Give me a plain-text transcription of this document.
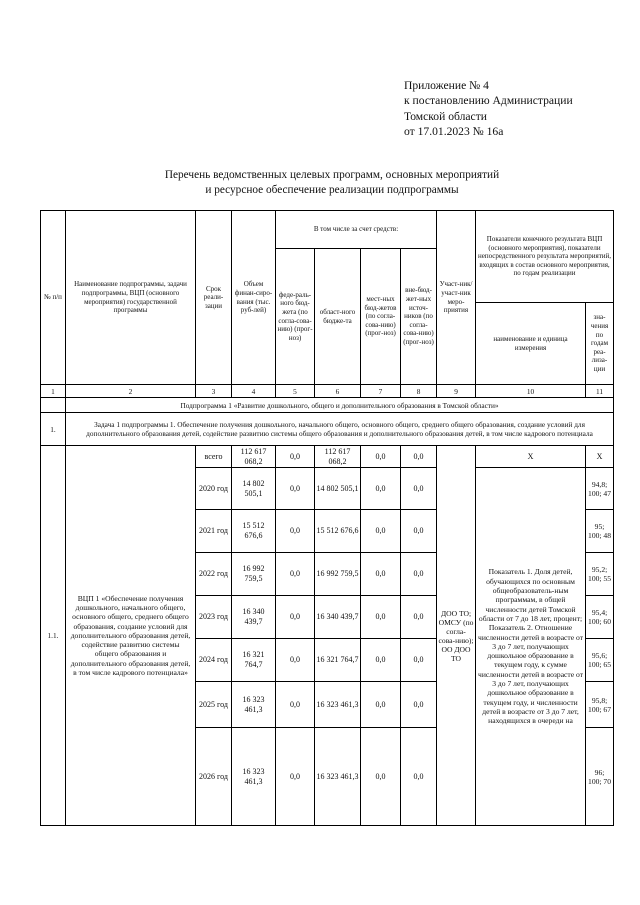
Приложение № 4
к постановлению Администрации
Томской области
от 17.01.2023 № 16а
Перечень ведомственных целевых программ, основных мероприятий
и ресурсное обеспечение реализации подпрограммы
№ п/п	Наименование подпрограммы, задачи подпрограммы, ВЦП (основного мероприятия) государственной программы	Срок реали-зации	Объем финан-сиро-вания (тыс. руб-лей)	В том числе за счет средств:				Участ-ник/ участ-ник меро-приятия	Показатели конечного результата ВЦП (основного мероприятия), показатели непосредственного результата мероприятий, входящих в состав основного мероприятия, по годам реализации	
				феде-раль-ного бюд-жета (по согла-сова-нию) (прог-ноз)	област-ного бюдже-та	мест-ных бюд-жетов (по согла-сова-нию) (прог-ноз)	вне-бюд-жет-ных источ-ников (по согла-сова-нию) (прог-ноз)			
									наименование и единица измерения	зна-чения по годам реа-лиза-ции
1	2	3	4	5	6	7	8	9	10	11
	Подпрограмма 1 «Развитие дошкольного, общего и дополнительного образования в Томской области»									
1.	Задача 1 подпрограммы 1. Обеспечение получения дошкольного, начального общего, основного общего, среднего общего образования, создание условий для дополнительного образования детей, содействие развитию системы общего образования и дополнительного образования детей, в том числе кадрового потенциала									
1.1.	ВЦП 1 «Обеспечение получения дошкольного, начального общего, основного общего, среднего общего образования, создание условий для дополнительного образования детей, содействие развитию системы общего образования и дополнительного образования детей, в том числе кадрового потенциала»	всего	112 617 068,2	0,0	112 617 068,2	0,0	0,0	ДОО ТО; ОМСУ (по согла-сова-нию); ОО ДОО ТО	Х	Х
		2020 год	14 802 505,1	0,0	14 802 505,1	0,0	0,0		Показатель 1. Доля детей, обучающихся по основным общеобразователь-ным программам, в общей численности детей Томской области от 7 до 18 лет, процент; Показатель 2. Отношение численности детей в возрасте от 3 до 7 лет, получающих дошкольное образование в текущем году, к сумме численности детей в возрасте от 3 до 7 лет, получающих дошкольное образование в текущем году, и численности детей в возрасте от 3 до 7 лет, находящихся в очереди на	94,8; 100; 47
		2021 год	15 512 676,6	0,0	15 512 676,6	0,0	0,0			95; 100; 48
		2022 год	16 992 759,5	0,0	16 992 759,5	0,0	0,0			95,2; 100; 55
		2023 год	16 340 439,7	0,0	16 340 439,7	0,0	0,0			95,4; 100; 60
		2024 год	16 321 764,7	0,0	16 321 764,7	0,0	0,0			95,6; 100; 65
		2025 год	16 323 461,3	0,0	16 323 461,3	0,0	0,0			95,8; 100; 67
		2026 год	16 323 461,3	0,0	16 323 461,3	0,0	0,0			96; 100; 70
